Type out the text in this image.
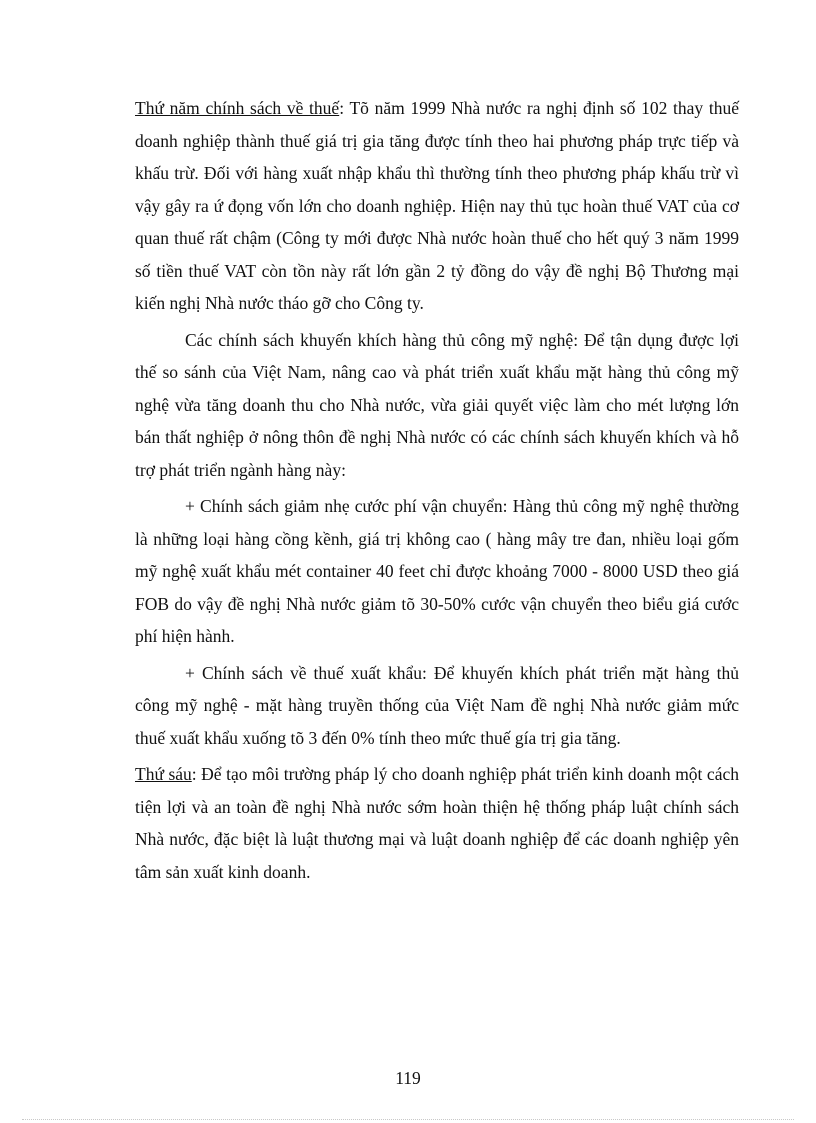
Thứ năm chính sách về thuế: Tõ năm 1999 Nhà nước ra nghị định số 102 thay thuế doanh nghiệp thành thuế giá trị gia tăng được tính theo hai phương pháp trực tiếp và khấu trừ. Đối với hàng xuất nhập khẩu thì thường tính theo phương pháp khấu trừ vì vậy gây ra ứ đọng vốn lớn cho doanh nghiệp. Hiện nay thủ tục hoàn thuế VAT của cơ quan thuế rất chậm (Công ty mới được Nhà nước hoàn thuế cho hết quý 3 năm 1999 số tiền thuế VAT còn tồn này rất lớn gần 2 tỷ đồng do vậy đề nghị Bộ Thương mại kiến nghị Nhà nước tháo gỡ cho Công ty.

Các chính sách khuyến khích hàng thủ công mỹ nghệ: Để tận dụng được lợi thế so sánh của Việt Nam, nâng cao và phát triển xuất khẩu mặt hàng thủ công mỹ nghệ vừa tăng doanh thu cho Nhà nước, vừa giải quyết việc làm cho mét lượng lớn bán thất nghiệp ở nông thôn đề nghị Nhà nước có các chính sách khuyến khích và hỗ trợ phát triển ngành hàng này:

+ Chính sách giảm nhẹ cước phí vận chuyển: Hàng thủ công mỹ nghệ thường là những loại hàng cồng kềnh, giá trị không cao ( hàng mây tre đan, nhiều loại gốm mỹ nghệ xuất khẩu mét container 40 feet chỉ được khoảng 7000 - 8000 USD theo giá FOB do vậy đề nghị Nhà nước giảm tõ 30-50% cước vận chuyển theo biểu giá cước phí hiện hành.

+ Chính sách về thuế xuất khẩu: Để khuyến khích phát triển mặt hàng thủ công mỹ nghệ - mặt hàng truyền thống của Việt Nam đề nghị Nhà nước giảm mức thuế xuất khẩu xuống tõ 3 đến 0% tính theo mức thuế gía trị gia tăng.

Thứ sáu: Để tạo môi trường pháp lý cho doanh nghiệp phát triển kinh doanh một cách tiện lợi và an toàn đề nghị Nhà nước sớm hoàn thiện hệ thống pháp luật chính sách Nhà nước, đặc biệt là luật thương mại và luật doanh nghiệp để các doanh nghiệp yên tâm sản xuất kinh doanh.

119
